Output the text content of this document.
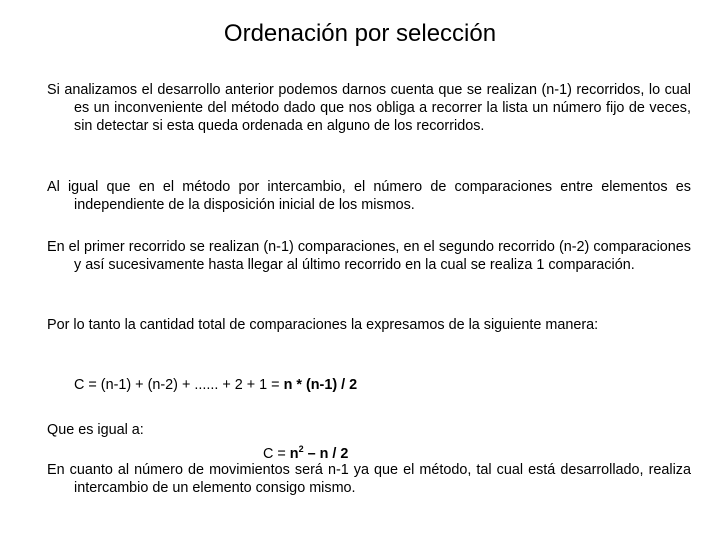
Ordenación por selección

Si analizamos el desarrollo anterior podemos darnos cuenta que se realizan (n-1) recorridos, lo cual es un inconveniente del método dado que nos obliga a recorrer la lista un número fijo de veces, sin detectar si esta queda ordenada en alguno de los recorridos.

Al igual que en el método por intercambio, el número de comparaciones entre elementos es independiente de la disposición inicial de los mismos.

En el primer recorrido se realizan (n-1) comparaciones, en el segundo recorrido (n-2) comparaciones y así sucesivamente hasta llegar al último recorrido en la cual se realiza 1 comparación.

Por lo tanto la cantidad total de comparaciones la expresamos de la siguiente manera:

C = (n-1) + (n-2) + ...... + 2 + 1 = n * (n-1) / 2

Que es igual a:

$C = n^2 - n / 2$

En cuanto al número de movimientos será n-1 ya que el método, tal cual está desarrollado, realiza intercambio de un elemento consigo mismo.
